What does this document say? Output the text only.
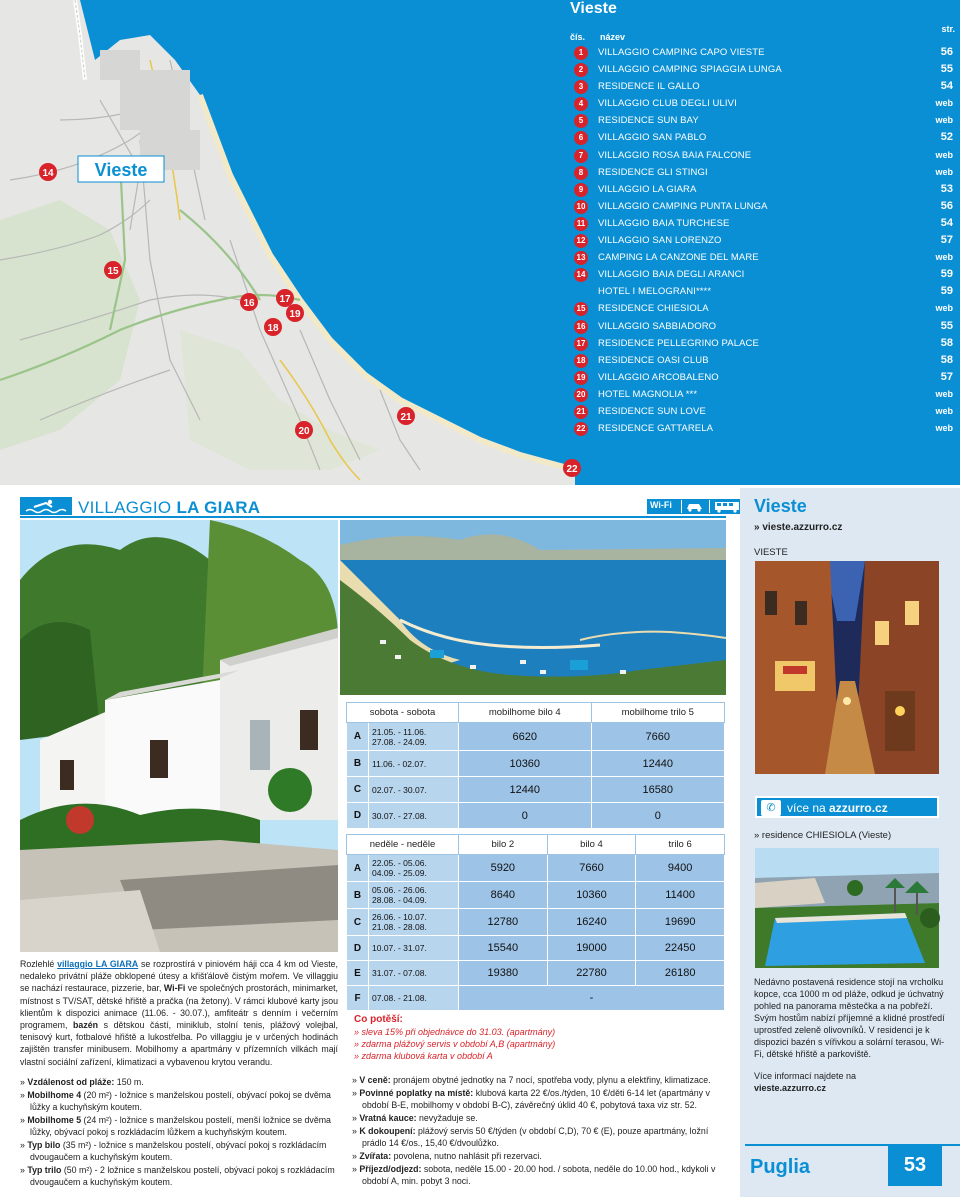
Vieste
14
15
16 17
18
19
20
21
22
Vieste
čís. název
str.
1	VILLAGGIO CAMPING CAPO VIESTE	56
2	VILLAGGIO CAMPING SPIAGGIA LUNGA	55
3	RESIDENCE IL GALLO	54
4	VILLAGGIO CLUB DEGLI ULIVI	web
5	RESIDENCE SUN BAY	web
6	VILLAGGIO SAN PABLO	52
7	VILLAGGIO ROSA BAIA FALCONE	web
8	RESIDENCE GLI STINGI	web
9	VILLAGGIO LA GIARA	53
10 VILLAGGIO CAMPING PUNTA LUNGA	56
11 VILLAGGIO BAIA TURCHESE	54
12 VILLAGGIO SAN LORENZO	57
13 CAMPING LA CANZONE DEL MARE	web
14 VILLAGGIO BAIA DEGLI ARANCI	59
HOTEL I MELOGRANI****	59
15 RESIDENCE CHIESIOLA	web
16 VILLAGGIO SABBIADORO	55
17 RESIDENCE PELLEGRINO PALACE	58
18 RESIDENCE OASI CLUB	58
19 VILLAGGIO ARCOBALENO	57
20 HOTEL MAGNOLIA ***	web
21 RESIDENCE SUN LOVE	web
22 RESIDENCE GATTARELA	web
VILLAGGIO LA GIARA	Wi-Fi
sobota - sobota		mobilhome bilo 4	mobilhome trilo 5
A	21.05. - 11.06.
27.08. - 24.09.	6620	7660
B	11.06. - 02.07.	10360	12440
C	02.07. - 30.07.	12440	16580
D	30.07. - 27.08.	0	0
neděle - neděle		bilo 2	bilo 4	trilo 6
A	22.05. - 05.06.
04.09. - 25.09.	5920	7660	9400
B	05.06. - 26.06.
28.08. - 04.09.	8640	10360	11400
C	26.06. - 10.07.
21.08. - 28.08.	12780	16240	19690
D	10.07. - 31.07.	15540	19000	22450
E	31.07. - 07.08.	19380	22780	26180
F	07.08. - 21.08.	-		
Co potěší:
» sleva 15% při objednávce do 31.03. (apartmány)
» zdarma plážový servis v období A,B (apartmány)
» zdarma klubová karta v období A
Rozlehlé villaggio LA GIARA se rozprostírá v piniovém háji cca 4 km od Vieste, nedaleko privátní pláže obklopené útesy a křišťálově čistým mořem. Ve villaggiu se nachází restaurace, pizzerie, bar, Wi-Fi ve společných prostorách, minimarket, místnost s TV/SAT, dětské hřiště a pračka (na žetony). V rámci klubové karty jsou klientům k dispozici animace (11.06. - 30.07.), amfiteátr s denním i večerním programem, bazén s dětskou částí, miniklub, stolní tenis, plážový volejbal, tenisový kurt, fotbalové hřiště a lukostřelba. Po villaggiu je v určených hodinách zajištěn transfer minibusem. Mobilhomy a apartmány v přízemních vilkách mají vlastní sociální zařízení, klimatizaci a vybavenou krytou verandu.
» Vzdálenost od pláže: 150 m.
» Mobilhome 4 (20 m²) - ložnice s manželskou postelí, obývací pokoj se dvěma lůžky a kuchyňským koutem.
» Mobilhome 5 (24 m²) - ložnice s manželskou postelí, menší ložnice se dvěma lůžky, obývací pokoj s rozkládacím lůžkem a kuchyňským koutem.
» Typ bilo (35 m²) - ložnice s manželskou postelí, obývací pokoj s rozkládacím dvougaučem a kuchyňským koutem.
» Typ trilo (50 m²) - 2 ložnice s manželskou postelí, obývací pokoj s rozkládacím dvougaučem a kuchyňským koutem.
» V ceně: pronájem obytné jednotky na 7 nocí, spotřeba vody, plynu a elektřiny, klimatizace.
» Povinné poplatky na místě: klubová karta 22 €/os./týden, 10 €/děti 6-14 let (apartmány v období B-E, mobilhomy v období B-C), závěrečný úklid 40 €, pobytová taxa viz str. 52.
» Vratná kauce: nevyžaduje se.
» K dokoupení: plážový servis 50 €/týden (v období C,D), 70 € (E), pouze apartmány, ložní prádlo 14 €/os., 15,40 €/dvoulůžko.
» Zvířata: povolena, nutno nahlásit při rezervaci.
» Příjezd/odjezd: sobota, neděle 15.00 - 20.00 hod. / sobota, neděle do 10.00 hod., kdykoli v období A, min. pobyt 3 noci.
Vieste
» vieste.azzurro.cz
VIESTE
✆ více na azzurro.cz
» residence CHIESIOLA (Vieste)
Nedávno postavená residence stojí na vrcholku kopce, cca 1000 m od pláže, odkud je úchvatný pohled na panorama městečka a na pobřeží. Svým hostům nabízí příjemné a klidné prostředí uprostřed zeleně olivovníků. V residenci je k dispozici bazén s vířivkou a solární terasou, Wi-Fi, dětské hřiště a parkoviště.
Více informací najdete na
vieste.azzurro.cz
Puglia	53
